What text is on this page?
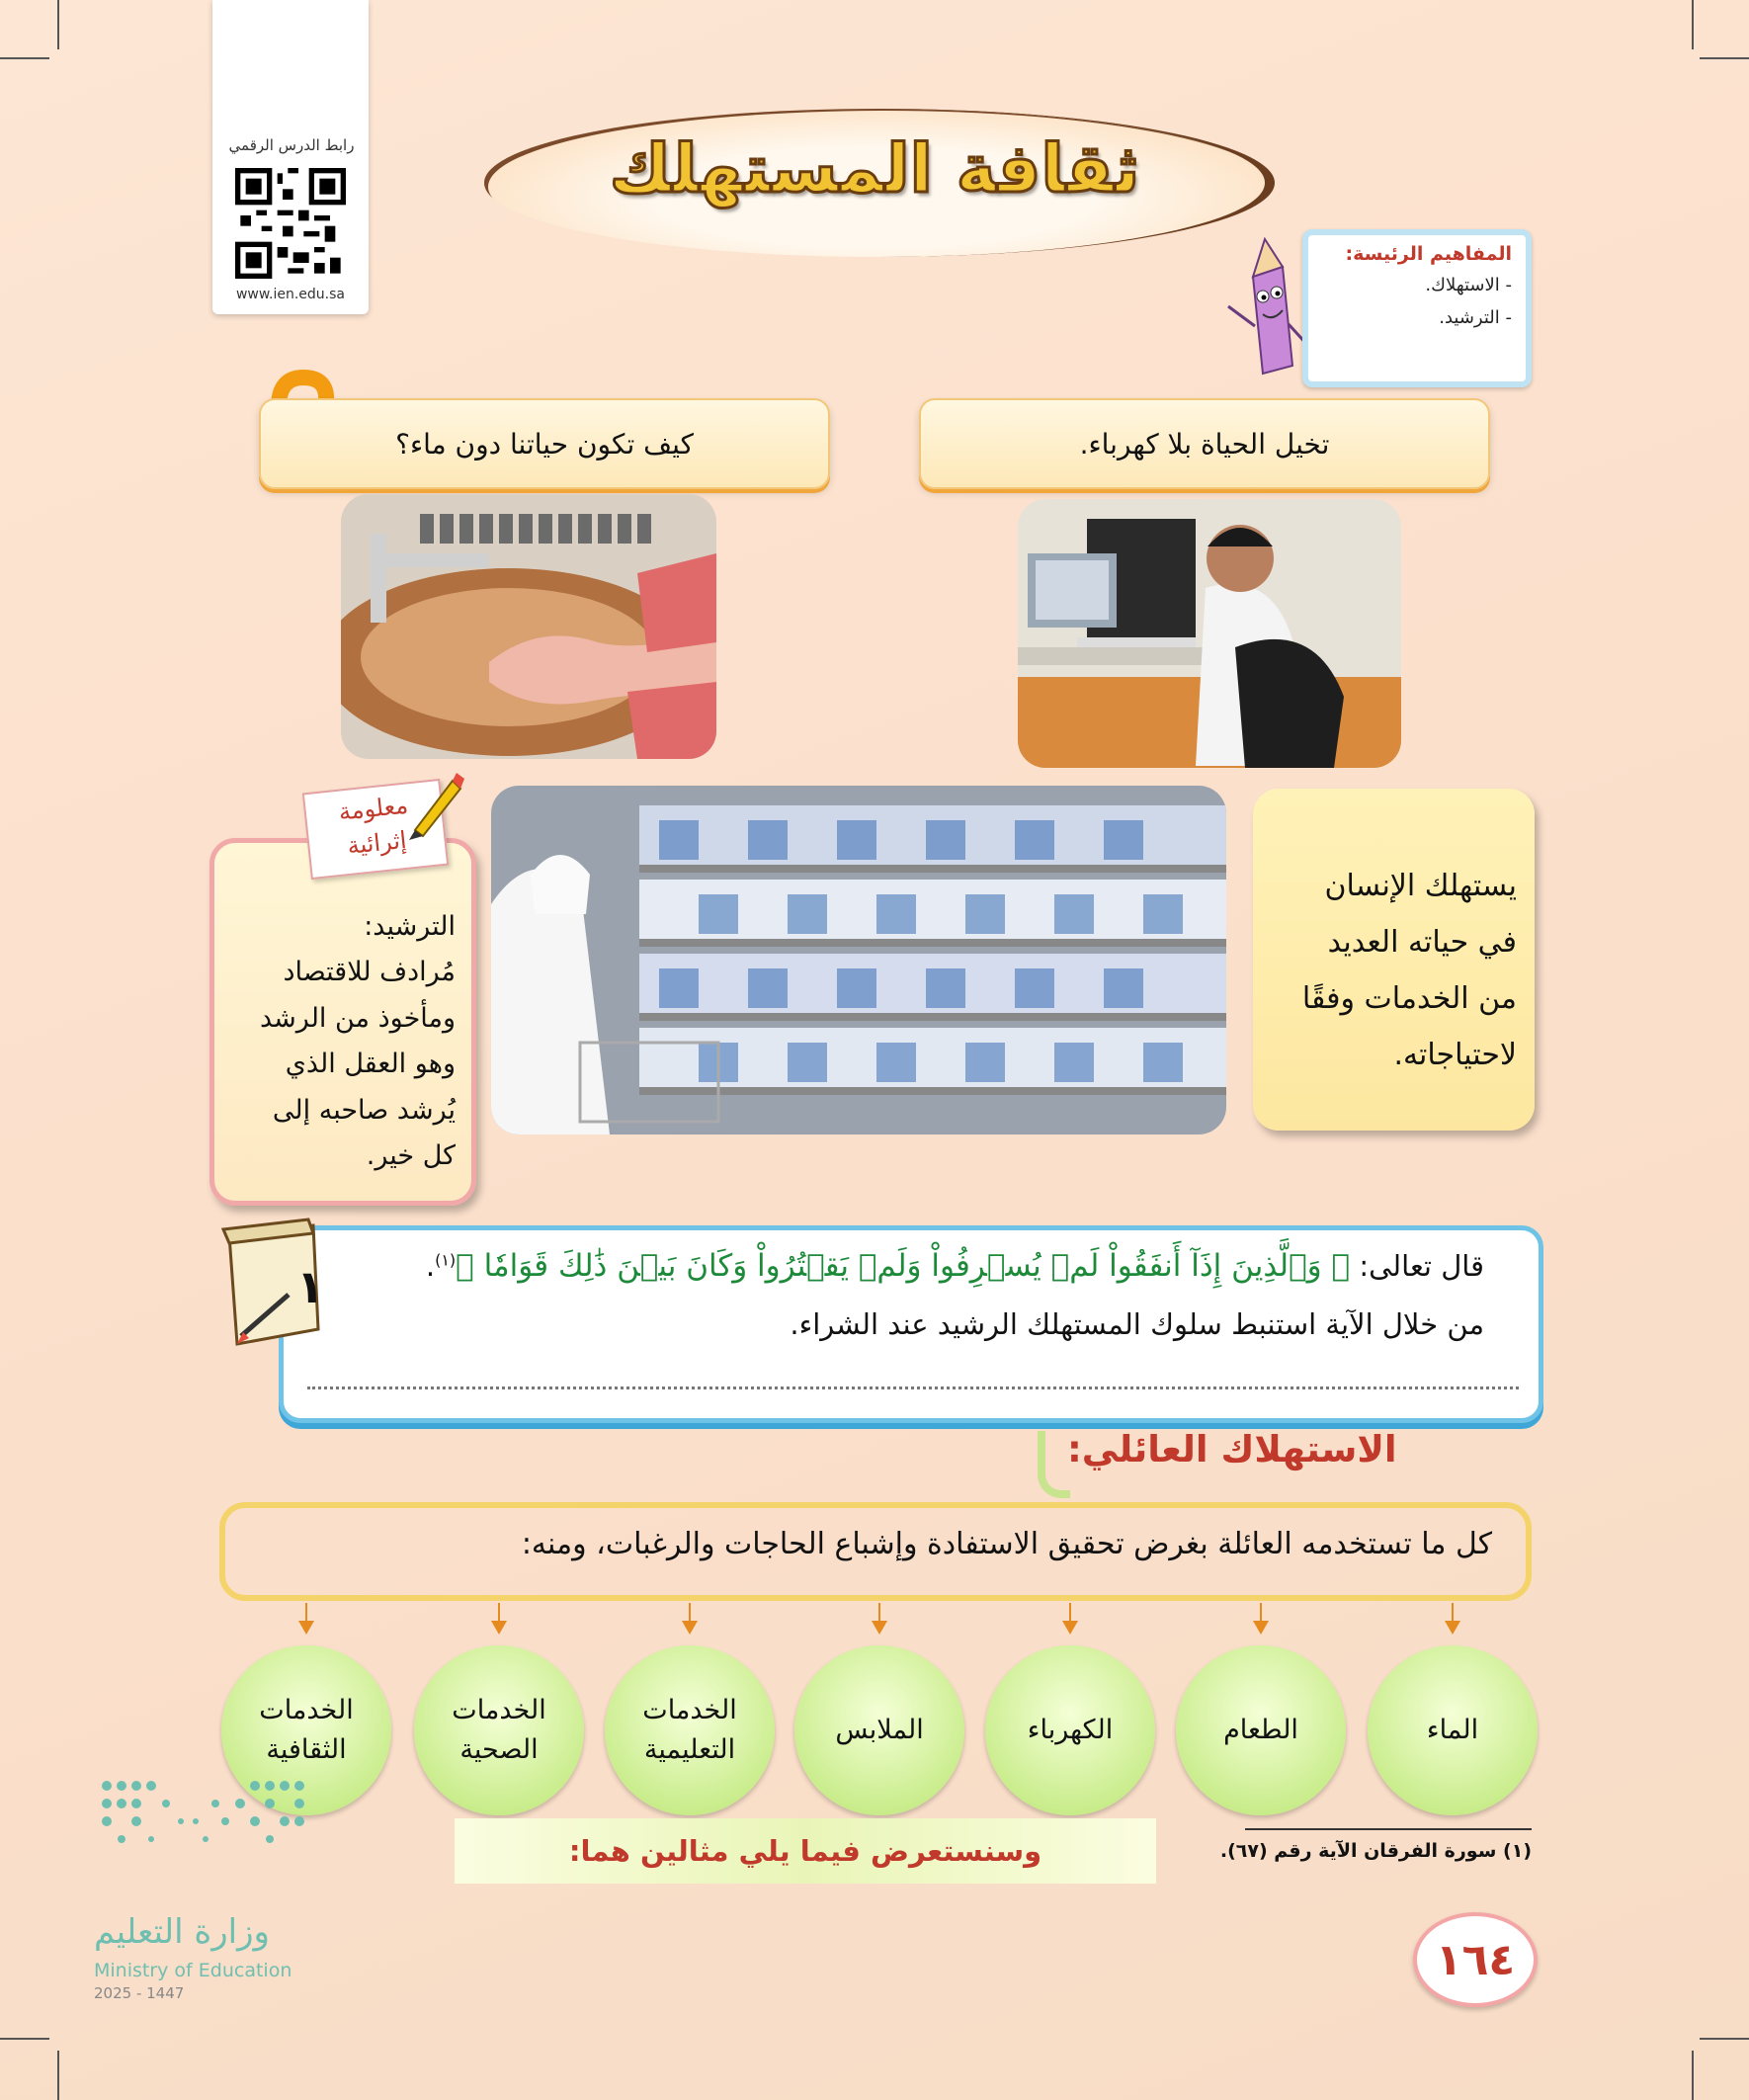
رابط الدرس الرقمي
www.ien.edu.sa
ثقافة المستهلك
المفاهيم الرئيسة:
- الاستهلاك.
- الترشيد.
تخيل الحياة بلا كهرباء.
كيف تكون حياتنا دون ماء؟
يستهلك الإنسان
في حياته العديد
من الخدمات وفقًا
لاحتياجاته.
الترشيد:
مُرادف للاقتصاد
ومأخوذ من الرشد
وهو العقل الذي
يُرشد صاحبه إلى
كل خير.
معلومة
إثرائية
قال تعالى: ﴿ وَٱلَّذِينَ إِذَآ أَنفَقُواْ لَمۡ يُسۡرِفُواْ وَلَمۡ يَقۡتُرُواْ وَكَانَ بَيۡنَ ذَٰلِكَ قَوَامٗا ﴾$^{(١)}$.
من خلال الآية استنبط سلوك المستهلك الرشيد عند الشراء.
١
الاستهلاك العائلي:
كل ما تستخدمه العائلة بغرض تحقيق الاستفادة وإشباع الحاجات والرغبات، ومنه:
الماء
الطعام
الكهرباء
الملابس
الخدمات
التعليمية
الخدمات
الصحية
الخدمات
الثقافية
وسنستعرض فيما يلي مثالين هما:	(١) سورة الفرقان الآية رقم (٦٧).
١٦٤
وزارة التعليم
Ministry of Education
2025 - 1447
